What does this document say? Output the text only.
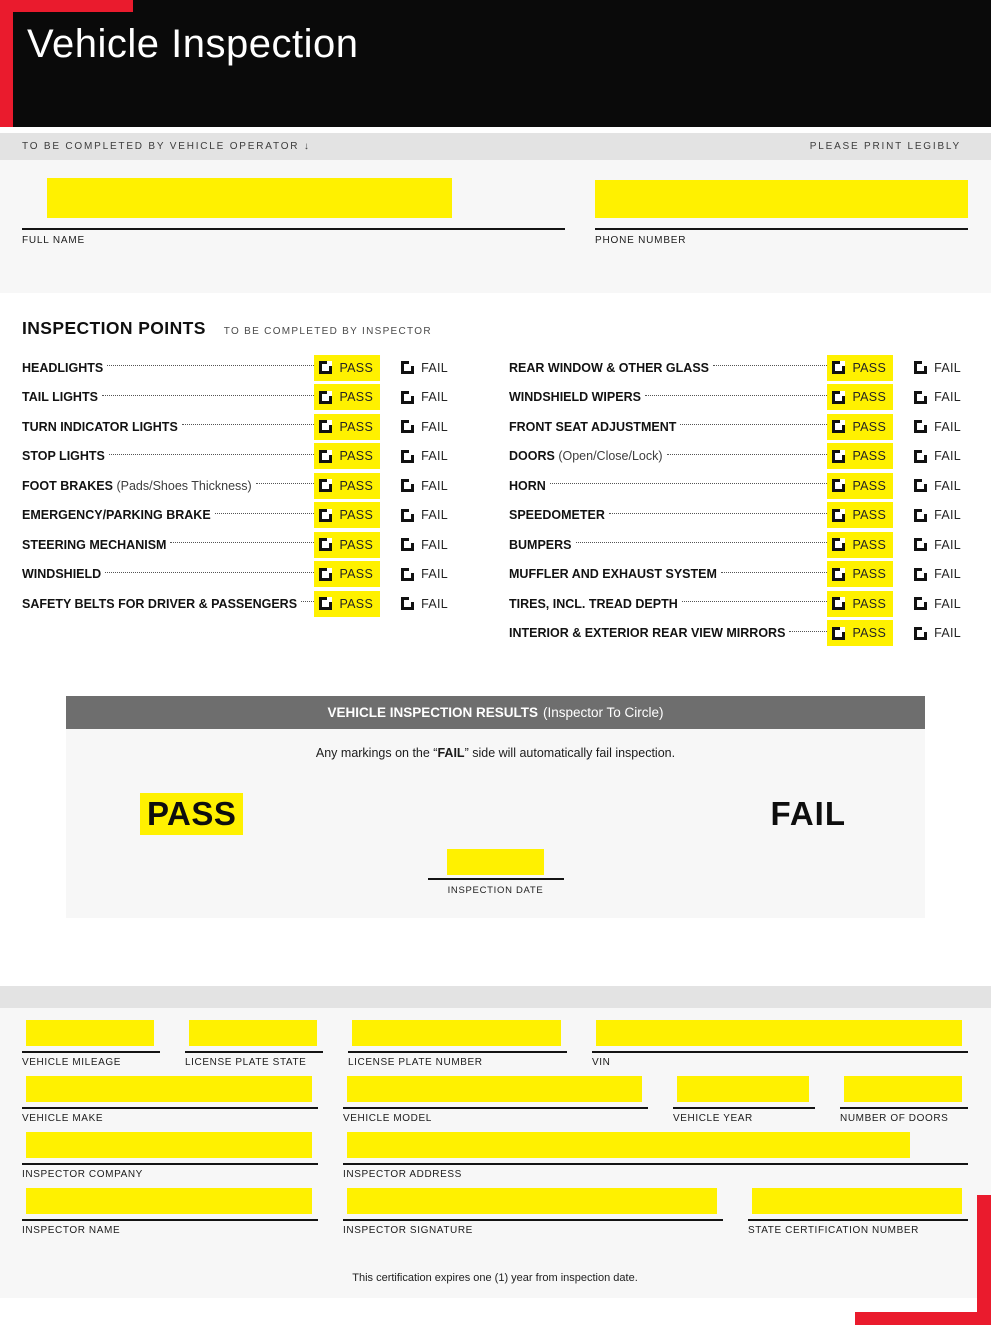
Vehicle Inspection
TO BE COMPLETED BY VEHICLE OPERATOR ↓	PLEASE PRINT LEGIBLY
FULL NAME	PHONE NUMBER
INSPECTION POINTS TO BE COMPLETED BY INSPECTOR
HEADLIGHTS	PASS	FAIL
TAIL LIGHTS	PASS	FAIL
TURN INDICATOR LIGHTS	PASS	FAIL
STOP LIGHTS	PASS	FAIL
FOOT BRAKES (Pads/Shoes Thickness)	PASS	FAIL
EMERGENCY/PARKING BRAKE	PASS	FAIL
STEERING MECHANISM	PASS	FAIL
WINDSHIELD	PASS	FAIL
SAFETY BELTS FOR DRIVER & PASSENGERS	PASS	FAIL
REAR WINDOW & OTHER GLASS	PASS	FAIL
WINDSHIELD WIPERS	PASS	FAIL
FRONT SEAT ADJUSTMENT	PASS	FAIL
DOORS (Open/Close/Lock)	PASS	FAIL
HORN	PASS	FAIL
SPEEDOMETER	PASS	FAIL
BUMPERS	PASS	FAIL
MUFFLER AND EXHAUST SYSTEM	PASS	FAIL
TIRES, INCL. TREAD DEPTH	PASS	FAIL
INTERIOR & EXTERIOR REAR VIEW MIRRORS	PASS	FAIL
VEHICLE INSPECTION RESULTS (Inspector To Circle)
Any markings on the “FAIL” side will automatically fail inspection.
PASS	FAIL
INSPECTION DATE
VEHICLE MILEAGE	LICENSE PLATE STATE	LICENSE PLATE NUMBER	VIN
VEHICLE MAKE	VEHICLE MODEL	VEHICLE YEAR	NUMBER OF DOORS
INSPECTOR COMPANY	INSPECTOR ADDRESS
INSPECTOR NAME	INSPECTOR SIGNATURE	STATE CERTIFICATION NUMBER
This certification expires one (1) year from inspection date.
